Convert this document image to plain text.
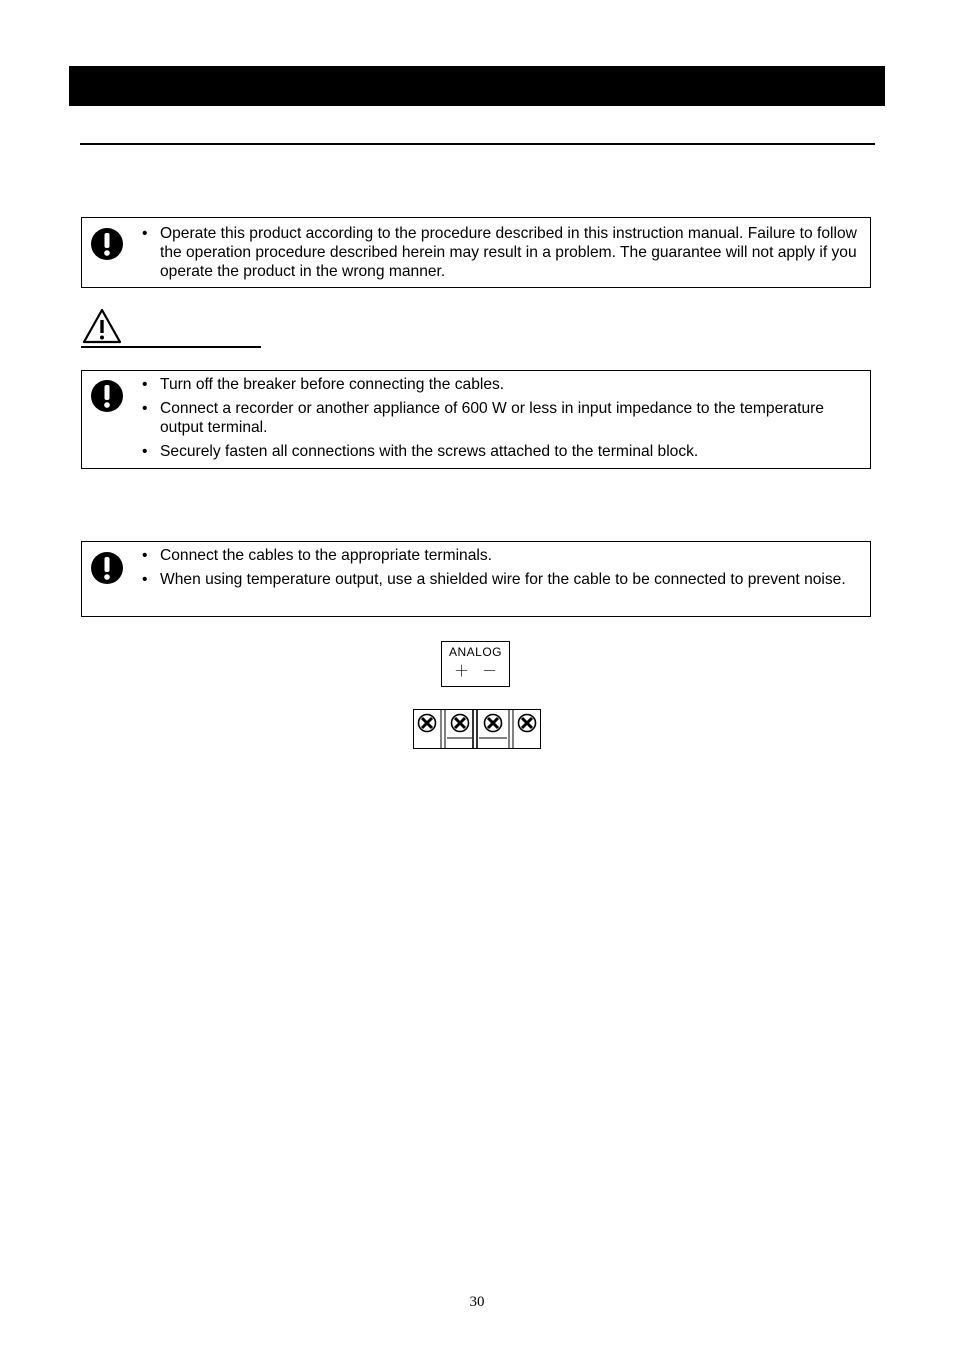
• Operate this product according to the procedure described in this instruction manual. Failure to follow the operation procedure described herein may result in a problem. The guarantee will not apply if you operate the product in the wrong manner.
• Turn off the breaker before connecting the cables.
• Connect a recorder or another appliance of 600 W or less in input impedance to the temperature output terminal.
• Securely fasten all connections with the screws attached to the terminal block.
• Connect the cables to the appropriate terminals.
• When using temperature output, use a shielded wire for the cable to be connected to prevent noise.
ANALOG
＋ －
30
